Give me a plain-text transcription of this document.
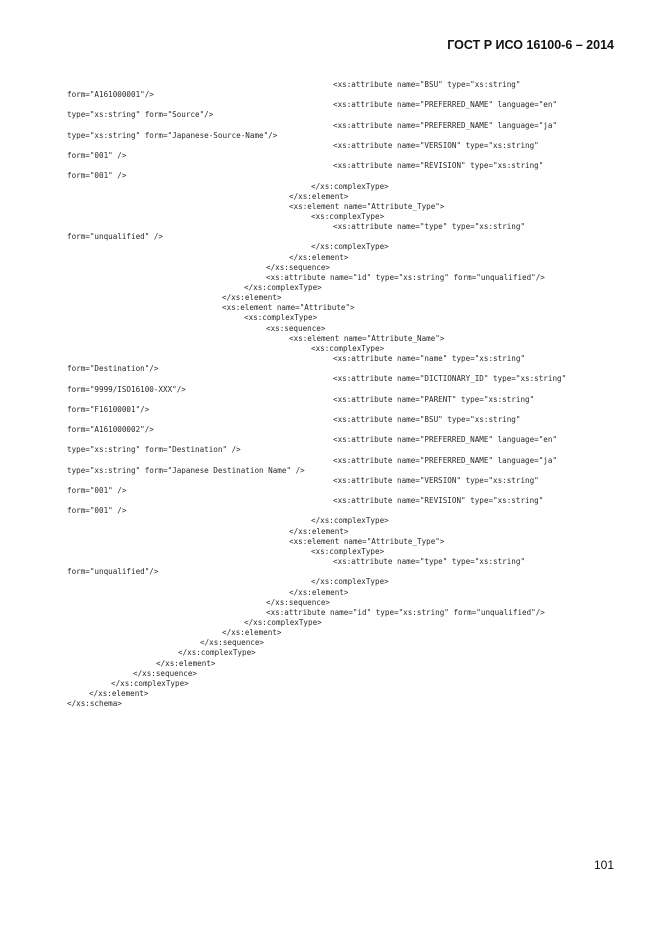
ГОСТ Р ИСО 16100-6 – 2014
<xs:attribute name="BSU" type="xs:string"
form="A161000001"/>
<xs:attribute name="PREFERRED_NAME" language="en"
type="xs:string" form="Source"/>
<xs:attribute name="PREFERRED_NAME" language="ja"
type="xs:string" form="Japanese-Source-Name"/>
<xs:attribute name="VERSION" type="xs:string"
form="001" />
<xs:attribute name="REVISION" type="xs:string"
form="001" />
</xs:complexType>
</xs:element>
<xs:element name="Attribute_Type">
<xs:complexType>
<xs:attribute name="type" type="xs:string"
form="unqualified" />
</xs:complexType>
</xs:element>
</xs:sequence>
<xs:attribute name="id" type="xs:string" form="unqualified"/>
</xs:complexType>
</xs:element>
<xs:element name="Attribute">
<xs:complexType>
<xs:sequence>
<xs:element name="Attribute_Name">
<xs:complexType>
<xs:attribute name="name" type="xs:string"
form="Destination"/>
<xs:attribute name="DICTIONARY_ID" type="xs:string"
form="9999/ISO16100-XXX"/>
<xs:attribute name="PARENT" type="xs:string"
form="F16100001"/>
<xs:attribute name="BSU" type="xs:string"
form="A161000002"/>
<xs:attribute name="PREFERRED_NAME" language="en"
type="xs:string" form="Destination" />
<xs:attribute name="PREFERRED_NAME" language="ja"
type="xs:string" form="Japanese Destination Name" />
<xs:attribute name="VERSION" type="xs:string"
form="001" />
<xs:attribute name="REVISION" type="xs:string"
form="001" />
</xs:complexType>
</xs:element>
<xs:element name="Attribute_Type">
<xs:complexType>
<xs:attribute name="type" type="xs:string"
form="unqualified"/>
</xs:complexType>
</xs:element>
</xs:sequence>
<xs:attribute name="id" type="xs:string" form="unqualified"/>
</xs:complexType>
</xs:element>
</xs:sequence>
</xs:complexType>
</xs:element>
</xs:sequence>
</xs:complexType>
</xs:element>
</xs:schema>
101
